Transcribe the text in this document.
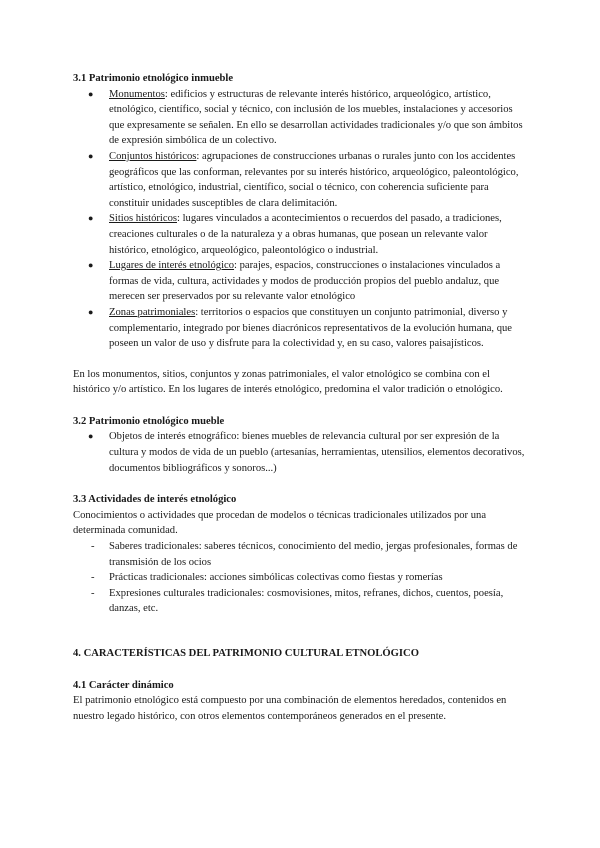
3.1 Patrimonio etnológico inmueble
● Monumentos: edificios y estructuras de relevante interés histórico, arqueológico, artístico, etnológico, científico, social y técnico, con inclusión de los muebles, instalaciones y accesorios que expresamente se señalen. En ello se desarrollan actividades tradicionales y/o que son ámbitos de expresión simbólica de un colectivo.
● Conjuntos históricos: agrupaciones de construcciones urbanas o rurales junto con los accidentes geográficos que las conforman, relevantes por su interés histórico, arqueológico, paleontológico, artístico, etnológico, industrial, científico, social o técnico, con coherencia suficiente para constituir unidades susceptibles de clara delimitación.
● Sitios históricos: lugares vinculados a acontecimientos o recuerdos del pasado, a tradiciones, creaciones culturales o de la naturaleza y a obras humanas, que posean un relevante valor histórico, etnológico, arqueológico, paleontológico o industrial.
● Lugares de interés etnológico: parajes, espacios, construcciones o instalaciones vinculados a formas de vida, cultura, actividades y modos de producción propios del pueblo andaluz, que merecen ser preservados por su relevante valor etnológico
● Zonas patrimoniales: territorios o espacios que constituyen un conjunto patrimonial, diverso y complementario, integrado por bienes diacrónicos representativos de la evolución humana, que poseen un valor de uso y disfrute para la colectividad y, en su caso, valores paisajísticos.

En los monumentos, sitios, conjuntos y zonas patrimoniales, el valor etnológico se combina con el histórico y/o artístico. En los lugares de interés etnológico, predomina el valor tradición o etnológico.

3.2 Patrimonio etnológico mueble
● Objetos de interés etnográfico: bienes muebles de relevancia cultural por ser expresión de la cultura y modos de vida de un pueblo (artesanías, herramientas, utensilios, elementos decorativos, documentos bibliográficos y sonoros...)
3.3 Actividades de interés etnológico

Conocimientos o actividades que procedan de modelos o técnicas tradicionales utilizados por una determinada comunidad.

- Saberes tradicionales: saberes técnicos, conocimiento del medio, jergas profesionales, formas de transmisión de los ocios
- Prácticas tradicionales: acciones simbólicas colectivas como fiestas y romerías
- Expresiones culturales tradicionales: cosmovisiones, mitos, refranes, dichos, cuentos, poesía, danzas, etc.
4. CARACTERÍSTICAS DEL PATRIMONIO CULTURAL ETNOLÓGICO
4.1 Carácter dinámico

El patrimonio etnológico está compuesto por una combinación de elementos heredados, contenidos en nuestro legado histórico, con otros elementos contemporáneos generados en el presente.
